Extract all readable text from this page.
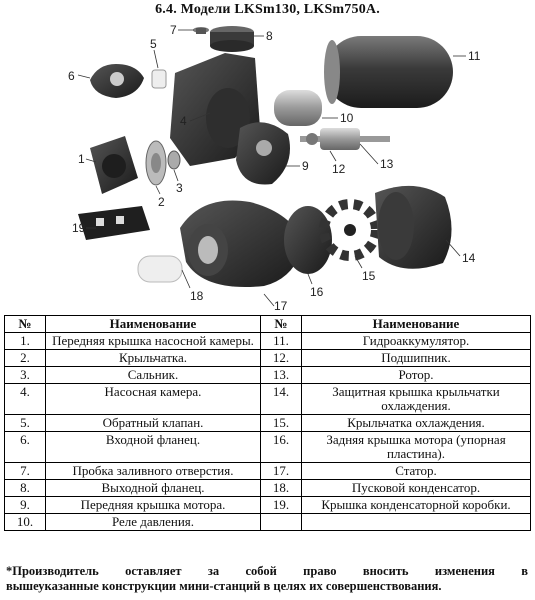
6.4. Модели LKSm130, LKSm750A.
7	8
5
6
4	10
11
1
2
3
9 12	13
14
15
16
17
18
19
№	Наименование	№	Наименование
1.	Передняя крышка насосной камеры.	11.	Гидроаккумулятор.
2.	Крыльчатка.	12.	Подшипник.
3.	Сальник.	13.	Ротор.
4.	Насосная камера.	14.	Защитная крышка крыльчатки охлаждения.
5.	Обратный клапан.	15.	Крыльчатка охлаждения.
6.	Входной фланец.	16.	Задняя крышка мотора (упорная пластина).
7.	Пробка заливного отверстия.	17.	Статор.
8.	Выходной фланец.	18.	Пусковой конденсатор.
9.	Передняя крышка мотора.	19.	Крышка конденсаторной коробки.
10.	Реле давления.		
*Производитель оставляет за собой право вносить изменения в
вышеуказанные конструкции мини-станций в целях их совершенствования.
